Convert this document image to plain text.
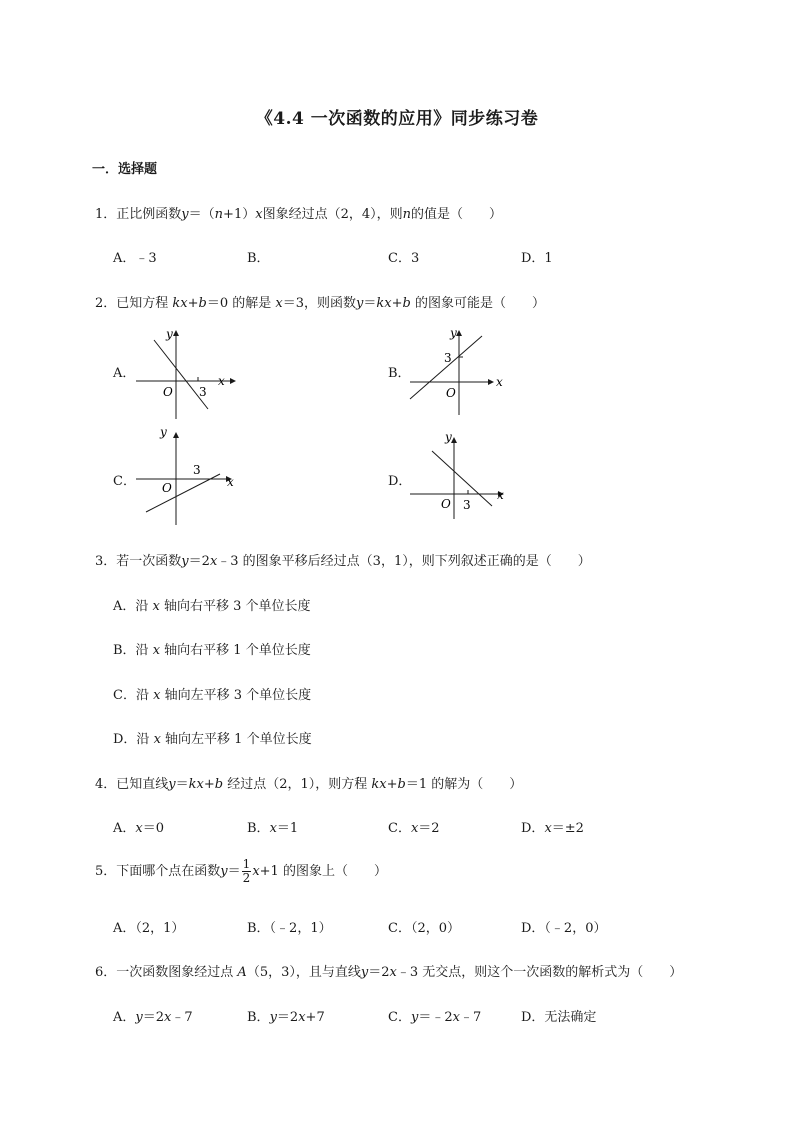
《4.4 一次函数的应用》同步练习卷
一．选择题
1．正比例函数y＝（n+1）x图象经过点（2，4），则n的值是（　　）
A．﹣3	B．	C．3	D．1
2．已知方程 kx+b＝0 的解是 x＝3，则函数y＝kx+b 的图象可能是（　　）
A．	B．
C．	D．
y
x
O 3
y
x
O
3
y
x
O
3
y
x
O 3
3．若一次函数y＝2x﹣3 的图象平移后经过点（3，1），则下列叙述正确的是（　　）
A．沿 x 轴向右平移 3 个单位长度
B．沿 x 轴向右平移 1 个单位长度
C．沿 x 轴向左平移 3 个单位长度
D．沿 x 轴向左平移 1 个单位长度
4．已知直线y＝kx+b 经过点（2，1），则方程 kx+b＝1 的解为（　　）
A．x＝0	B．x＝1	C．x＝2	D．x＝±2
5．下面哪个点在函数$y= \frac{1}{2} x+1$ 的图象上（　　）
A．（2，1）	B．（﹣2，1）	C．（2，0）	D．（﹣2，0）
6．一次函数图象经过点 A（5，3），且与直线y＝2x﹣3 无交点，则这个一次函数的解析式为（　　）
A．y＝2x﹣7	B．y＝2x+7	C．y＝﹣2x﹣7	D．无法确定
